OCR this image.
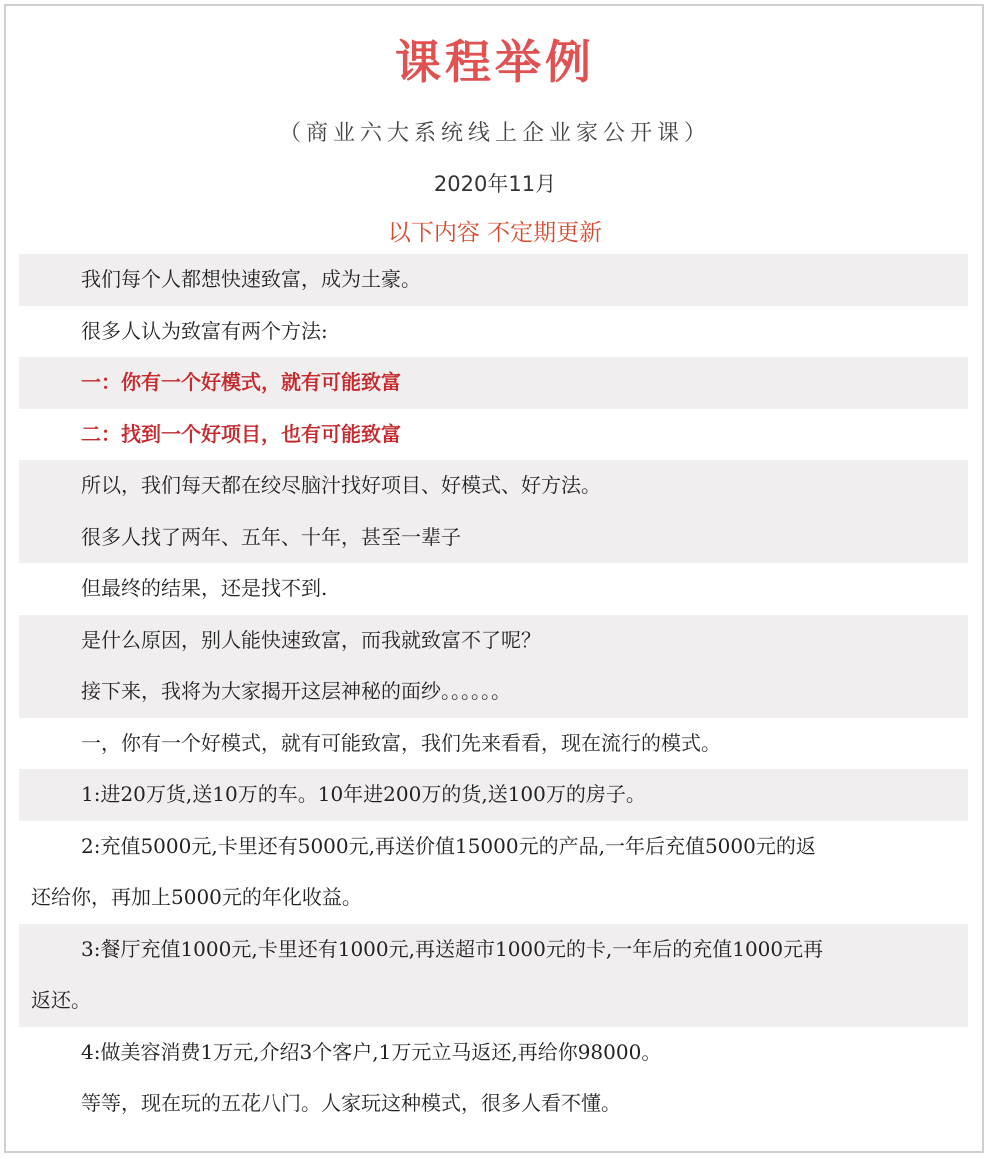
课程举例
（商业六大系统线上企业家公开课）
2020年11月
以下内容 不定期更新
我们每个人都想快速致富，成为土豪。
很多人认为致富有两个方法:
一：你有一个好模式，就有可能致富
二：找到一个好项目，也有可能致富
所以，我们每天都在绞尽脑汁找好项目、好模式、好方法。
很多人找了两年、五年、十年，甚至一辈子
但最终的结果，还是找不到.
是什么原因，别人能快速致富，而我就致富不了呢？
接下来，我将为大家揭开这层神秘的面纱。。。。。。
一，你有一个好模式，就有可能致富，我们先来看看，现在流行的模式。
1:进20万货,送10万的车。10年进200万的货,送100万的房子。
2:充值5000元,卡里还有5000元,再送价值15000元的产品,一年后充值5000元的返
还给你，再加上5000元的年化收益。
3:餐厅充值1000元,卡里还有1000元,再送超市1000元的卡,一年后的充值1000元再
返还。
4:做美容消费1万元,介绍3个客户,1万元立马返还,再给你98000。
等等，现在玩的五花八门。人家玩这种模式，很多人看不懂。
